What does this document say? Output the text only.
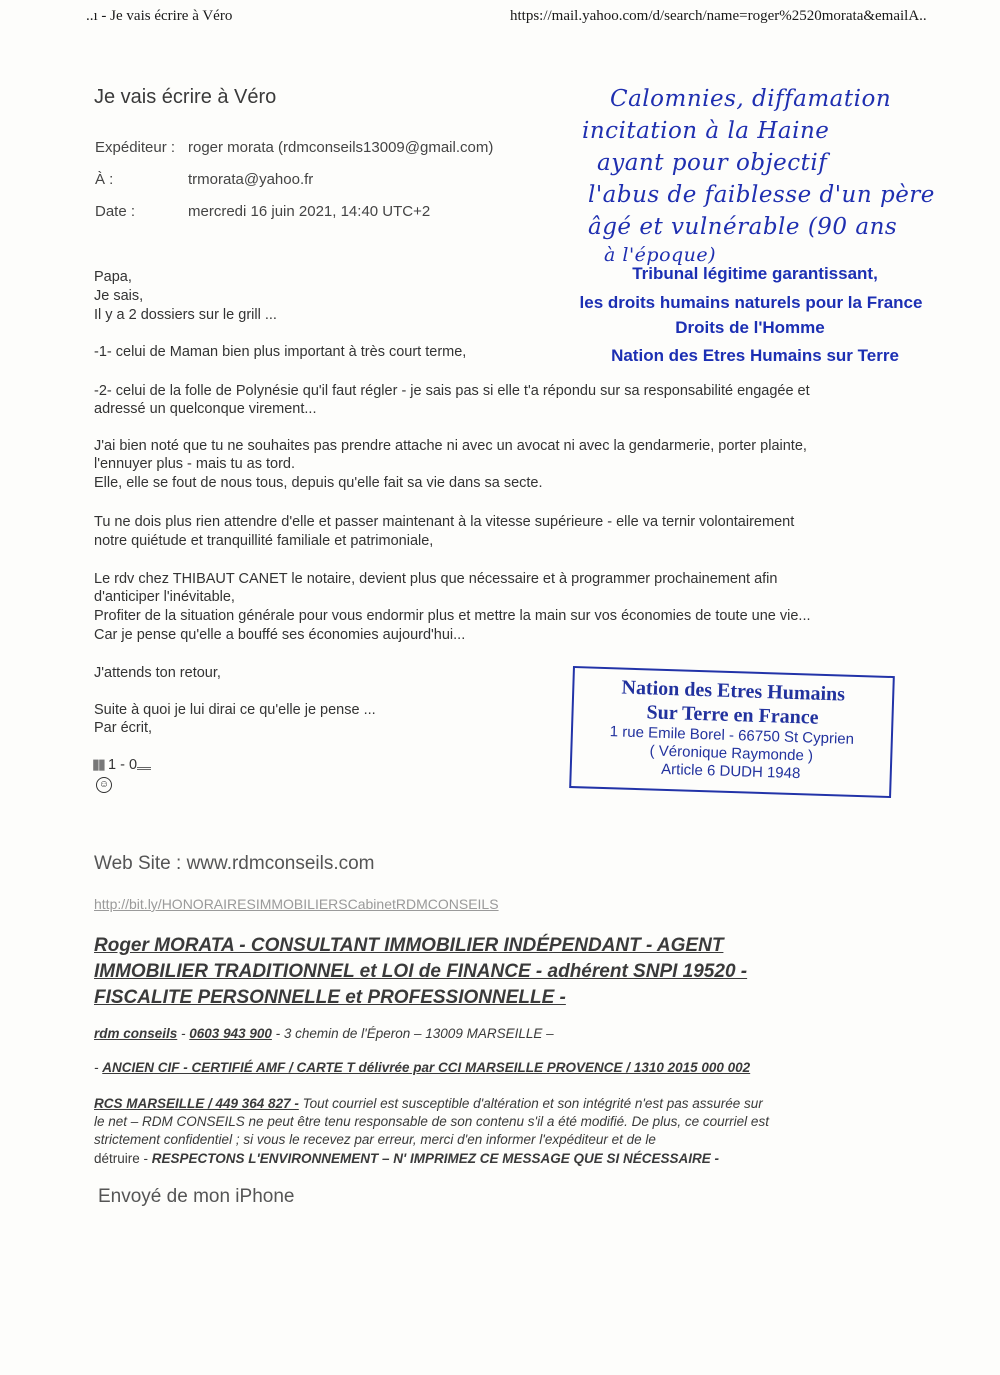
..ı - Je vais écrire à Véro	https://mail.yahoo.com/d/search/name=roger%2520morata&emailA..
Je vais écrire à Véro
Expéditeur : roger morata (rdmconseils13009@gmail.com)
À :	trmorata@yahoo.fr
Date :	mercredi 16 juin 2021, 14:40 UTC+2
Calomnies, diffamation
incitation à la Haine
ayant pour objectif
l'abus de faiblesse d'un père
âgé et vulnérable (90 ans
à l'époque)
Tribunal légitime garantissant,
les droits humains naturels pour la France
Droits de l'Homme
Nation des Etres Humains sur Terre
Papa,
Je sais,
Il y a 2 dossiers sur le grill ...
-1- celui de Maman bien plus important à très court terme,
-2- celui de la folle de Polynésie qu'il faut régler - je sais pas si elle t'a répondu sur sa responsabilité engagée et
adressé un quelconque virement...
J'ai bien noté que tu ne souhaites pas prendre attache ni avec un avocat ni avec la gendarmerie, porter plainte,
l'ennuyer plus - mais tu as tord.
Elle, elle se fout de nous tous, depuis qu'elle fait sa vie dans sa secte.
Tu ne dois plus rien attendre d'elle et passer maintenant à la vitesse supérieure - elle va ternir volontairement
notre quiétude et tranquillité familiale et patrimoniale,
Le rdv chez THIBAUT CANET le notaire, devient plus que nécessaire et à programmer prochainement afin
d'anticiper l'inévitable,
Profiter de la situation générale pour vous endormir plus et mettre la main sur vos économies de toute une vie...
Car je pense qu'elle a bouffé ses économies aujourd'hui...
J'attends ton retour,
Suite à quoi je lui dirai ce qu'elle je pense ...
Par écrit,
▮▮ 1 - 0
☺
Nation des Etres Humains
Sur Terre en France
1 rue Emile Borel - 66750 St Cyprien
( Véronique Raymonde )
Article 6 DUDH 1948
Web Site : www.rdmconseils.com
http://bit.ly/HONORAIRESIMMOBILIERSCabinetRDMCONSEILS
Roger MORATA - CONSULTANT IMMOBILIER INDÉPENDANT - AGENT
IMMOBILIER TRADITIONNEL et LOI de FINANCE - adhérent SNPI 19520 -
FISCALITE PERSONNELLE et PROFESSIONNELLE -
rdm conseils - 0603 943 900 - 3 chemin de l'Éperon – 13009 MARSEILLE –
- ANCIEN CIF - CERTIFIÉ AMF / CARTE T délivrée par CCI MARSEILLE PROVENCE / 1310 2015 000 002
RCS MARSEILLE / 449 364 827 - Tout courriel est susceptible d'altération et son intégrité n'est pas assurée sur
le net – RDM CONSEILS ne peut être tenu responsable de son contenu s'il a été modifié. De plus, ce courriel est
strictement confidentiel ; si vous le recevez par erreur, merci d'en informer l'expéditeur et de le
détruire - RESPECTONS L'ENVIRONNEMENT – N' IMPRIMEZ CE MESSAGE QUE SI NÉCESSAIRE -
Envoyé de mon iPhone
